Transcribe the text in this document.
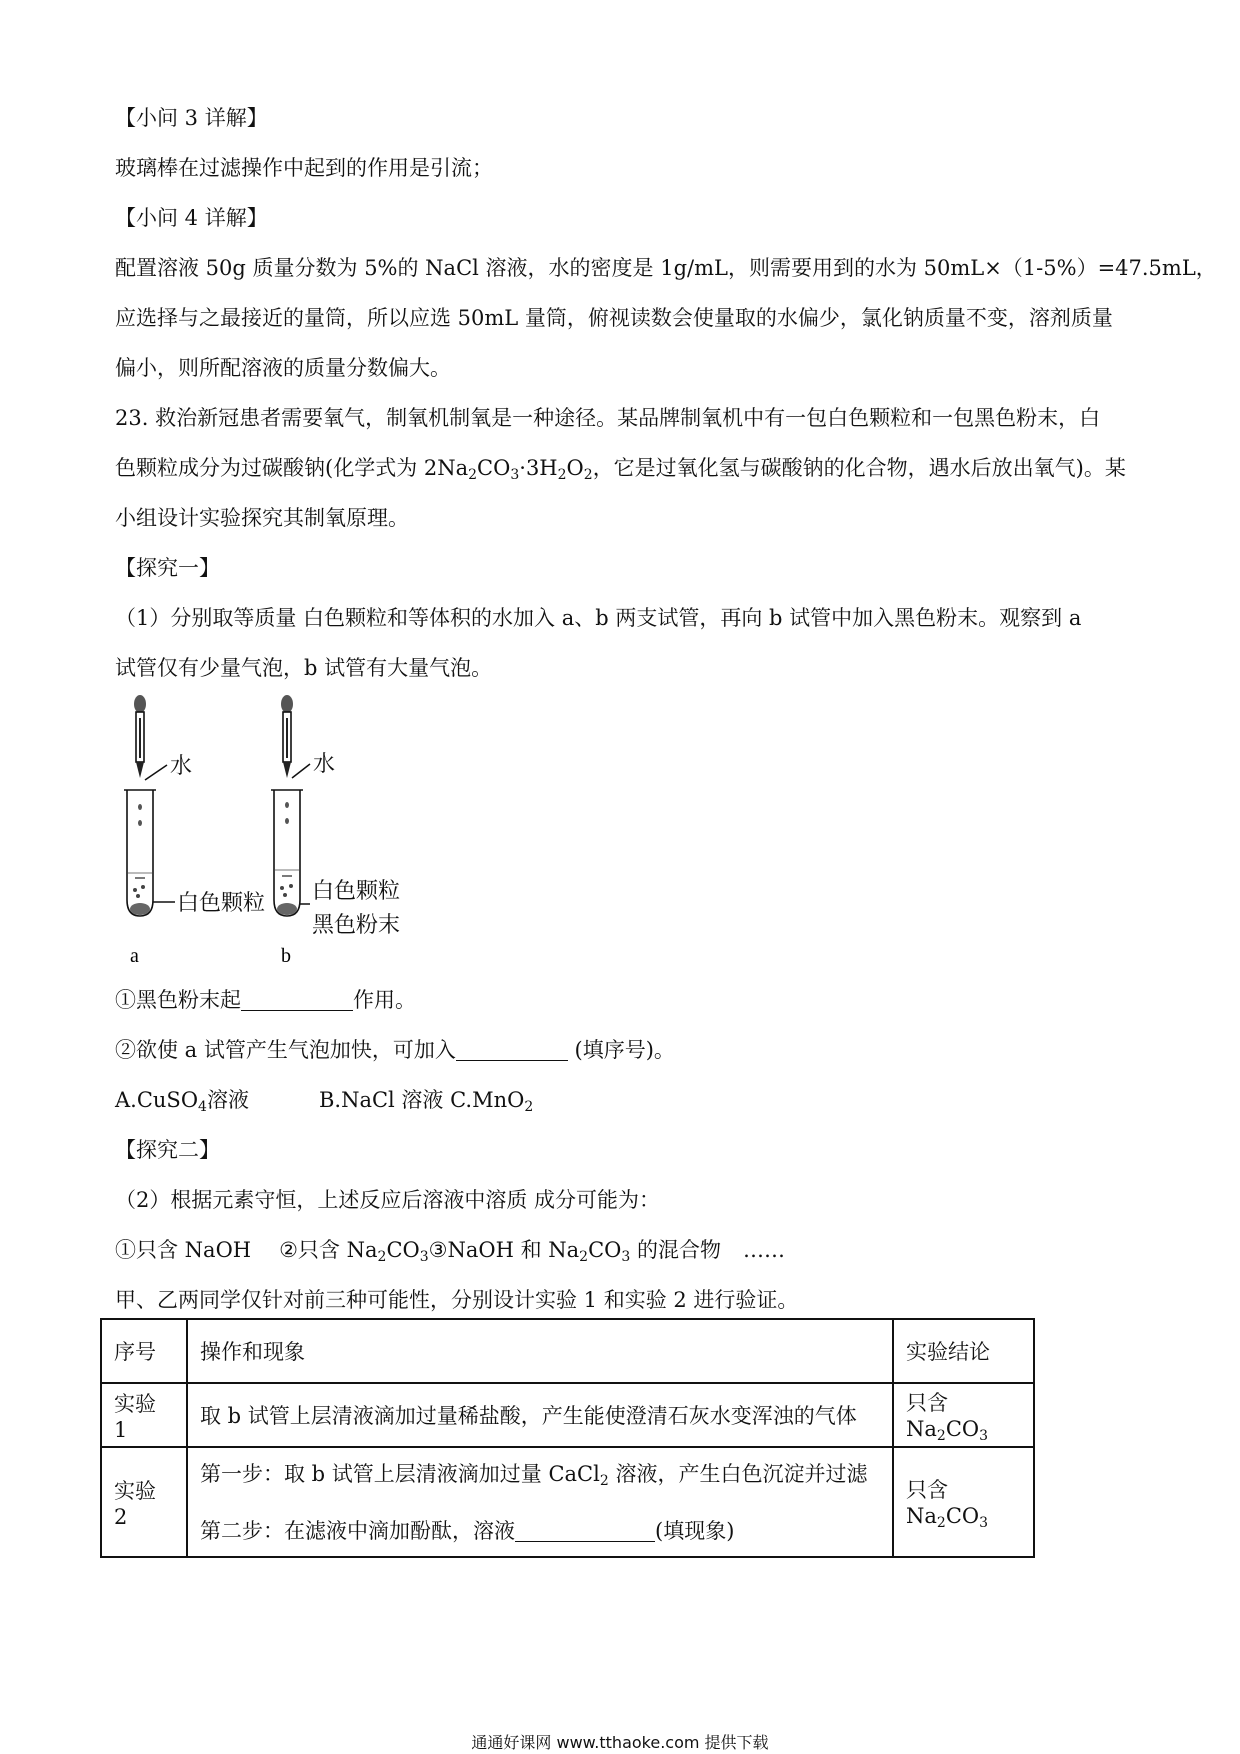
【小问 3 详解】
玻璃棒在过滤操作中起到的作用是引流；
【小问 4 详解】
配置溶液 50g 质量分数为 5%的 NaCl 溶液，水的密度是 1g/mL，则需要用到的水为 50mL×（1-5%）=47.5mL，
应选择与之最接近的量筒，所以应选 50mL 量筒，俯视读数会使量取的水偏少，氯化钠质量不变，溶剂质量
偏小，则所配溶液的质量分数偏大。
23. 救治新冠患者需要氧气，制氧机制氧是一种途径。某品牌制氧机中有一包白色颗粒和一包黑色粉末，白
色颗粒成分为过碳酸钠(化学式为 $2Na_2CO_3\cdot 3H_2O_2$，它是过氧化氢与碳酸钠的化合物，遇水后放出氧气)。某
小组设计实验探究其制氧原理。
【探究一】
（1）分别取等质量 白色颗粒和等体积的水加入 a、b 两支试管，再向 b 试管中加入黑色粉末。观察到 a
试管仅有少量气泡，b 试管有大量气泡。
水	水
白色颗粒 白色颗粒
黑色粉末
a	b
①黑色粉末起	作用。
②欲使 a 试管产生气泡加快，可加入	(填序号)。
A.CuSO$_4$溶液	B.NaCl 溶液 C.MnO$_2$
【探究二】
（2）根据元素守恒，上述反应后溶液中溶质 成分可能为：
①只含 NaOH ②只含 $Na_2CO_3③NaOH$ 和 $Na_2CO_3$ 的混合物 ……
甲、乙两同学仅针对前三种可能性，分别设计实验 1 和实验 2 进行验证。
序号	操作和现象	实验结论
实验 1	取 b 试管上层清液滴加过量稀盐酸，产生能使澄清石灰水变浑浊的气体	只含 $Na_2CO_3$
实验 2	第一步：取 b 试管上层清液滴加过量 CaCl$_2$ 溶液，产生白色沉淀并过滤
第二步：在滤液中滴加酚酞，溶液 (填现象)	只含 $Na_2CO_3$
通通好课网 www.tthaoke.com 提供下载
